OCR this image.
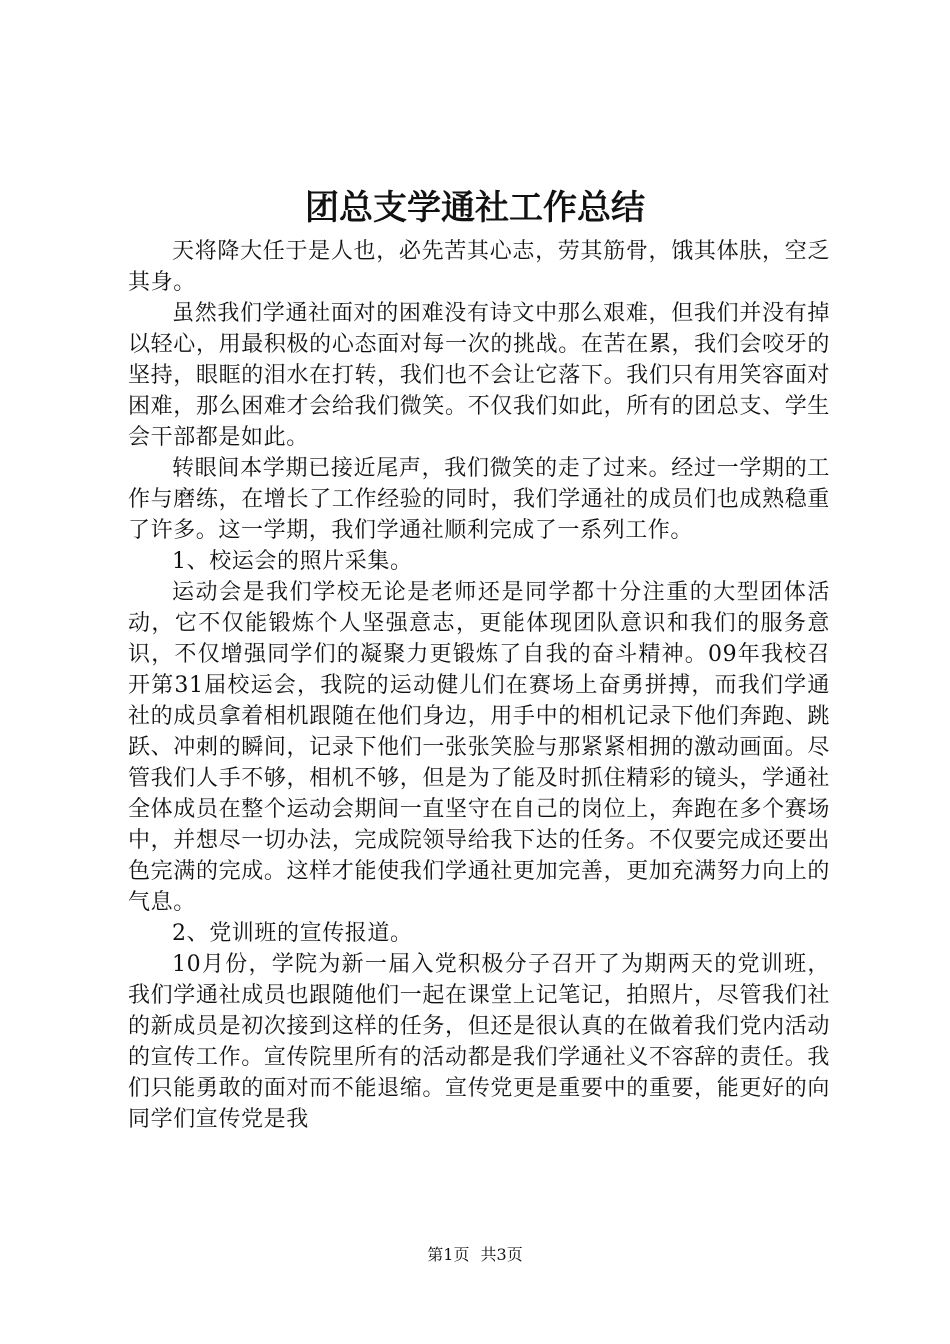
团总支学通社工作总结

天将降大任于是人也，必先苦其心志，劳其筋骨，饿其体肤，空乏其身。

虽然我们学通社面对的困难没有诗文中那么艰难，但我们并没有掉以轻心，用最积极的心态面对每一次的挑战。在苦在累，我们会咬牙的坚持，眼眶的泪水在打转，我们也不会让它落下。我们只有用笑容面对困难，那么困难才会给我们微笑。不仅我们如此，所有的团总支、学生会干部都是如此。

转眼间本学期已接近尾声，我们微笑的走了过来。经过一学期的工作与磨练，在增长了工作经验的同时，我们学通社的成员们也成熟稳重了许多。这一学期，我们学通社顺利完成了一系列工作。

1、校运会的照片采集。

运动会是我们学校无论是老师还是同学都十分注重的大型团体活动，它不仅能锻炼个人坚强意志，更能体现团队意识和我们的服务意识，不仅增强同学们的凝聚力更锻炼了自我的奋斗精神。09年我校召开第31届校运会，我院的运动健儿们在赛场上奋勇拼搏，而我们学通社的成员拿着相机跟随在他们身边，用手中的相机记录下他们奔跑、跳跃、冲刺的瞬间，记录下他们一张张笑脸与那紧紧相拥的激动画面。尽管我们人手不够，相机不够，但是为了能及时抓住精彩的镜头，学通社全体成员在整个运动会期间一直坚守在自己的岗位上，奔跑在多个赛场中，并想尽一切办法，完成院领导给我下达的任务。不仅要完成还要出色完满的完成。这样才能使我们学通社更加完善，更加充满努力向上的气息。

2、党训班的宣传报道。

10月份，学院为新一届入党积极分子召开了为期两天的党训班，我们学通社成员也跟随他们一起在课堂上记笔记，拍照片，尽管我们社的新成员是初次接到这样的任务，但还是很认真的在做着我们党内活动的宣传工作。宣传院里所有的活动都是我们学通社义不容辞的责任。我们只能勇敢的面对而不能退缩。宣传党更是重要中的重要，能更好的向同学们宣传党是我

第1页 共3页
